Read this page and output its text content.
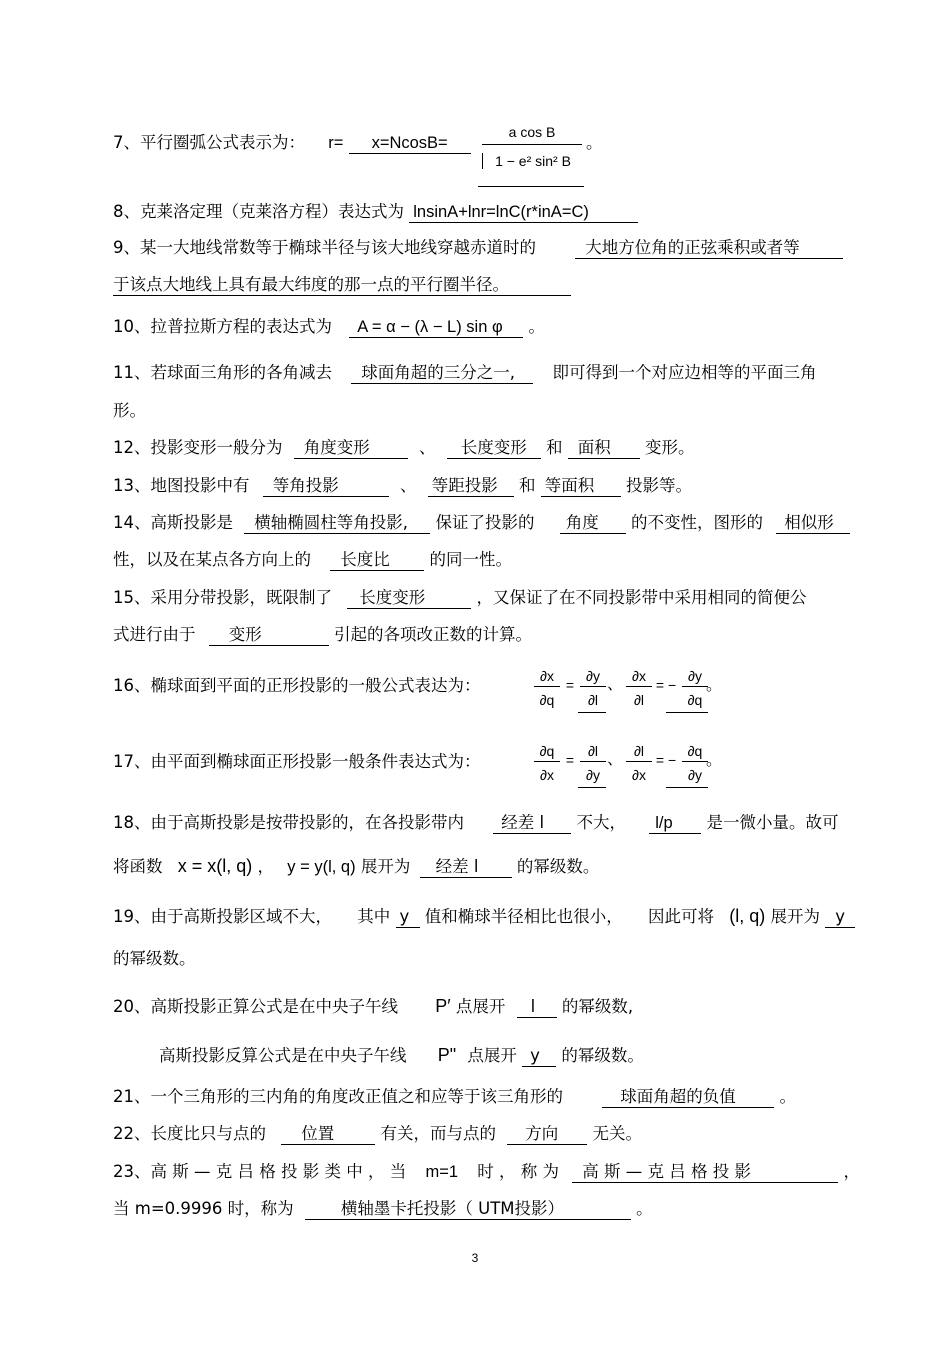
7、平行圈弧公式表示为： r= x=NcosB=
a cos B
1 − e² sin² B
。
8、克莱洛定理（克莱洛方程）表达式为 lnsinA+lnr=lnC(r*inA=C)
9、某一大地线常数等于椭球半径与该大地线穿越赤道时的	大地方位角的正弦乘积或者等
于该点大地线上具有最大纬度的那一点的平行圈半径。
10、拉普拉斯方程的表达式为 A = α − (λ − L) sin φ 。
11、若球面三角形的各角减去 球面角超的三分之一, 即可得到一个对应边相等的平面三角
形。
12、投影变形一般分为 角度变形	、 长度变形 和 面积 变形。
13、地图投影中有 等角投影	、 等距投影 和 等面积 投影等。
14、高斯投影是 横轴椭圆柱等角投影, 保证了投影的 角度 的不变性，图形的 相似形
性，以及在某点各方向上的 长度比 的同一性。
15、采用分带投影，既限制了 长度变形	，又保证了在不同投影带中采用相同的简便公
式进行由于 变形	引起的各项改正数的计算。
16、椭球面到平面的正形投影的一般公式表达为：	∂x
∂q
=
∂y
∂l
、 ∂x
∂l
= −
∂y
∂q
。
17、由平面到椭球面正形投影一般条件表达式为：
∂q
∂x
=
∂l
∂y
、 ∂l
∂x
= −
∂q
∂y
。
18、由于高斯投影是按带投影的，在各投影带内 经差 l 不大， l/p 是一微小量。故可
将函数 x = x(l, q) ， y = y(l, q) 展开为 经差 l 的幂级数。
19、由于高斯投影区域不大， 其中 y 值和椭球半径相比也很小， 因此可将 (l, q) 展开为 y
的幂级数。
20、高斯投影正算公式是在中央子午线 P′ 点展开 l 的幂级数,
高斯投影反算公式是在中央子午线 P" 点展开 y 的幂级数。
21、一个三角形的三内角的角度改正值之和应等于该三角形的	球面角超的负值	。
22、长度比只与点的 位置	有关，而与点的 方向 无关。
23、高 斯 — 克 吕 格 投 影 类 中 ， 当 m=1 时 ， 称 为 高 斯 — 克 吕 格 投 影	，
当 m=0.9996 时，称为	横轴墨卡托投影（ UTM投影）	。
3
